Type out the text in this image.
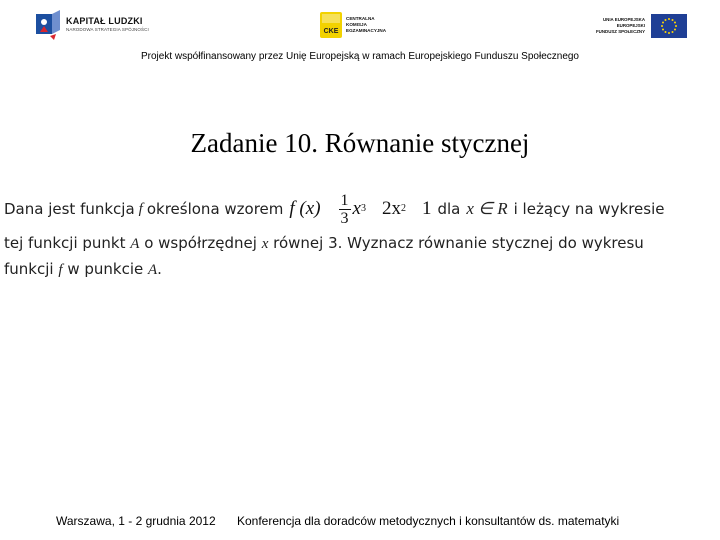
KAPITAŁ LUDZKI
NARODOWA STRATEGIA SPÓJNOŚCI	CKE
CENTRALNA
KOMISJA
EGZAMINACYJNA
UNIA EUROPEJSKA
EUROPEJSKI
FUNDUSZ SPOŁECZNY
Projekt współfinansowany przez Unię Europejską w ramach Europejskiego Funduszu Społecznego
Zadanie 10. Równanie stycznej
Dana jest funkcja f określona wzorem f $(x) \frac{1}{3}$ x 3 2x 2 1 dla x ∈ R i leżący na wykresie
tej funkcji punkt A o współrzędnej x równej 3. Wyznacz równanie stycznej do wykresu
funkcji f w punkcie A.
Warszawa, 1 - 2 grudnia 2012 Konferencja dla doradców metodycznych i konsultantów ds. matematyki
